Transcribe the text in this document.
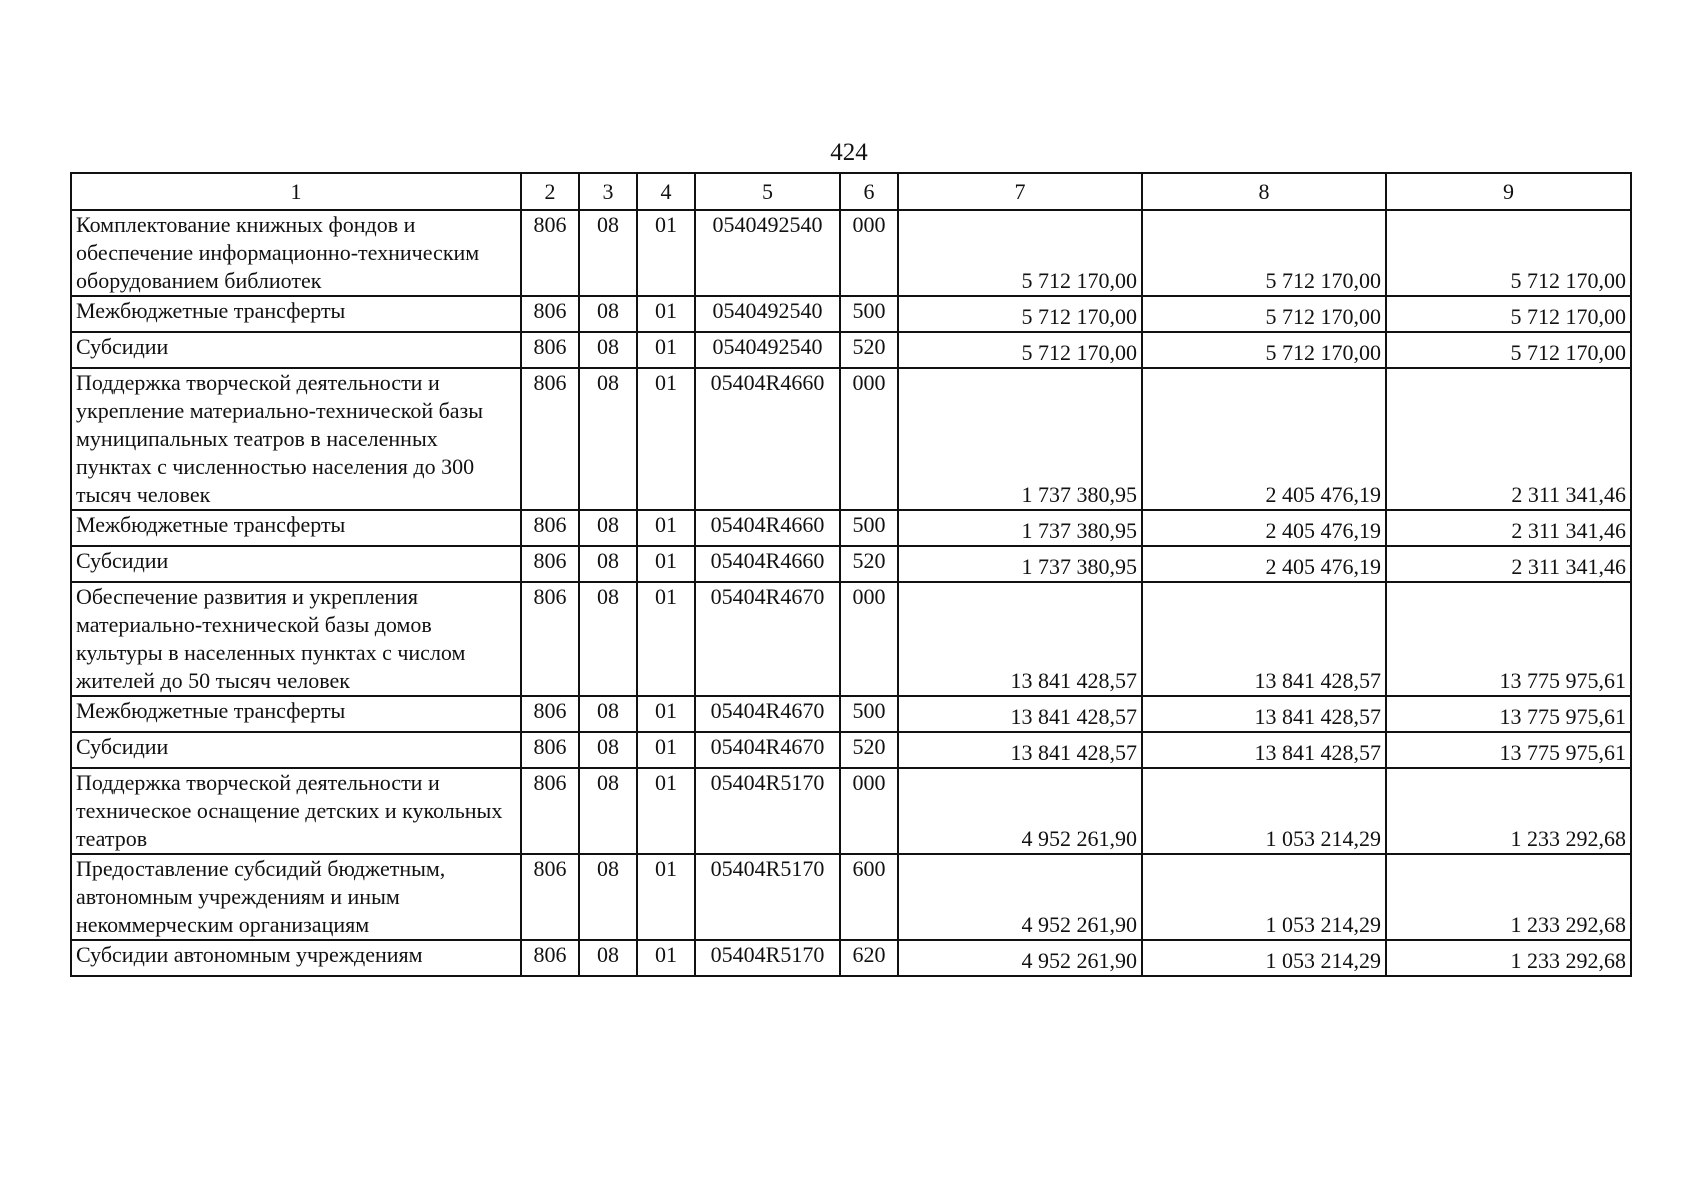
424
1	2	3	4	5	6	7	8	9
Комплектование книжных фондов и обеспечение информационно-техническим оборудованием библиотек	806	08	01	0540492540	000	5 712 170,00	5 712 170,00	5 712 170,00
Межбюджетные трансферты	806	08	01	0540492540	500	5 712 170,00	5 712 170,00	5 712 170,00
Субсидии	806	08	01	0540492540	520	5 712 170,00	5 712 170,00	5 712 170,00
Поддержка творческой деятельности и укрепление материально-технической базы муниципальных театров в населенных пунктах с численностью населения до 300 тысяч человек	806	08	01	05404R4660	000	1 737 380,95	2 405 476,19	2 311 341,46
Межбюджетные трансферты	806	08	01	05404R4660	500	1 737 380,95	2 405 476,19	2 311 341,46
Субсидии	806	08	01	05404R4660	520	1 737 380,95	2 405 476,19	2 311 341,46
Обеспечение развития и укрепления материально-технической базы домов культуры в населенных пунктах с числом жителей до 50 тысяч человек	806	08	01	05404R4670	000	13 841 428,57	13 841 428,57	13 775 975,61
Межбюджетные трансферты	806	08	01	05404R4670	500	13 841 428,57	13 841 428,57	13 775 975,61
Субсидии	806	08	01	05404R4670	520	13 841 428,57	13 841 428,57	13 775 975,61
Поддержка творческой деятельности и техническое оснащение детских и кукольных театров	806	08	01	05404R5170	000	4 952 261,90	1 053 214,29	1 233 292,68
Предоставление субсидий бюджетным, автономным учреждениям и иным некоммерческим организациям	806	08	01	05404R5170	600	4 952 261,90	1 053 214,29	1 233 292,68
Субсидии автономным учреждениям	806	08	01	05404R5170	620	4 952 261,90	1 053 214,29	1 233 292,68
